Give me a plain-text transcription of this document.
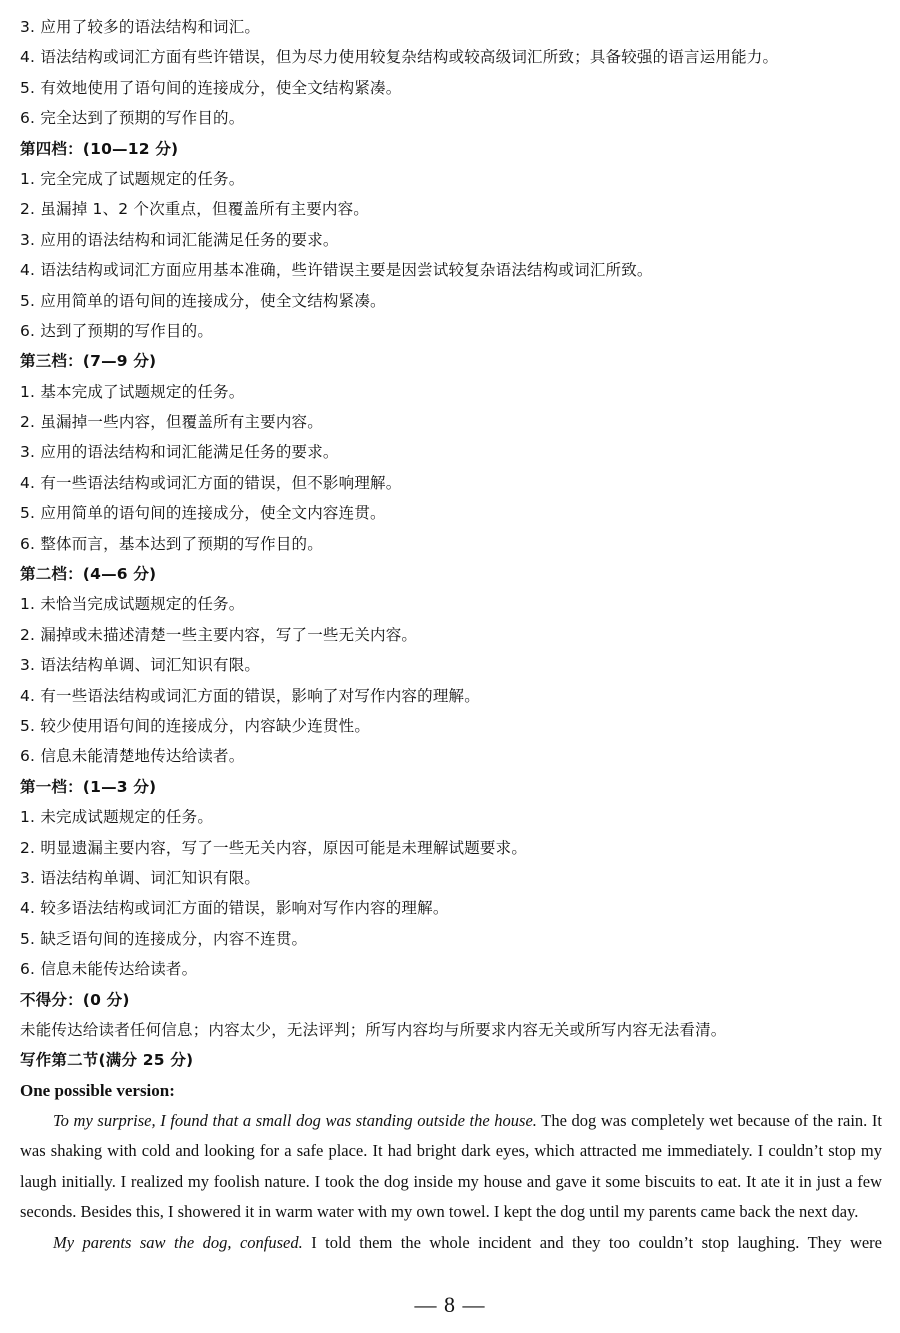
3. 应用了较多的语法结构和词汇。
4. 语法结构或词汇方面有些许错误，但为尽力使用较复杂结构或较高级词汇所致；具备较强的语言运用能力。
5. 有效地使用了语句间的连接成分，使全文结构紧凑。
6. 完全达到了预期的写作目的。
第四档：(10—12 分)
1. 完全完成了试题规定的任务。
2. 虽漏掉 1、2 个次重点，但覆盖所有主要内容。
3. 应用的语法结构和词汇能满足任务的要求。
4. 语法结构或词汇方面应用基本准确，些许错误主要是因尝试较复杂语法结构或词汇所致。
5. 应用简单的语句间的连接成分，使全文结构紧凑。
6. 达到了预期的写作目的。
第三档：(7—9 分)
1. 基本完成了试题规定的任务。
2. 虽漏掉一些内容，但覆盖所有主要内容。
3. 应用的语法结构和词汇能满足任务的要求。
4. 有一些语法结构或词汇方面的错误，但不影响理解。
5. 应用简单的语句间的连接成分，使全文内容连贯。
6. 整体而言，基本达到了预期的写作目的。
第二档：(4—6 分)
1. 未恰当完成试题规定的任务。
2. 漏掉或未描述清楚一些主要内容，写了一些无关内容。
3. 语法结构单调、词汇知识有限。
4. 有一些语法结构或词汇方面的错误，影响了对写作内容的理解。
5. 较少使用语句间的连接成分，内容缺少连贯性。
6. 信息未能清楚地传达给读者。
第一档：(1—3 分)
1. 未完成试题规定的任务。
2. 明显遗漏主要内容，写了一些无关内容，原因可能是未理解试题要求。
3. 语法结构单调、词汇知识有限。
4. 较多语法结构或词汇方面的错误，影响对写作内容的理解。
5. 缺乏语句间的连接成分，内容不连贯。
6. 信息未能传达给读者。
不得分：(0 分)
未能传达给读者任何信息；内容太少，无法评判；所写内容均与所要求内容无关或所写内容无法看清。
写作第二节(满分 25 分)
One possible version:

To my surprise, I found that a small dog was standing outside the house. The dog was completely wet because of the rain. It was shaking with cold and looking for a safe place. It had bright dark eyes, which attracted me immediately. I couldn’t stop my laugh initially. I realized my foolish nature. I took the dog inside my house and gave it some biscuits to eat. It ate it in just a few seconds. Besides this, I showered it in warm water with my own towel. I kept the dog until my parents came back the next day.

My parents saw the dog, confused. I told them the whole incident and they too couldn’t stop laughing. They were

— 8 —
